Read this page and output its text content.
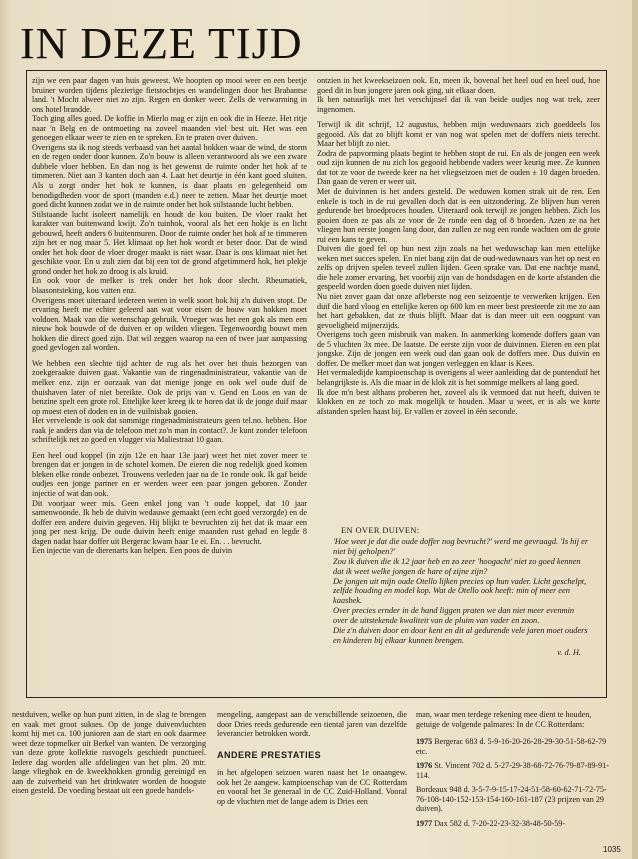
IN DEZE TIJD

zijn we een paar dagen van huis geweest. We hoopten op mooi weer en een beetje bruiner worden tijdens plezierige fietstochtjes en wandelingen door het Brabantse land. 't Mocht alweer niet zo zijn. Regen en donker weer. Zells de verwarming in ons hotel brandde.
Toch ging alles goed. De koffie in Mierlo mag er zijn en ook die in Heeze. Het ritje naar 'n Belg en de ontmoeting na zoveel maanden viel best uit. Het was een genoegen elkaar weer te zien en te spreken. En te praten over duiven.
Overigens sta ik nog steeds verbaasd van het aantal hokken waar de wind, de storm en de regen onder door kunnen. Zo'n bouw is alleen verantwoord als we een zware dubbele vloer hebben. En dan nog is het gewenst de ruimte onder het hok af te timmeren. Niet aan 3 kanten doch aan 4. Laat het deurtje in één kant goed sluiten. Als u zorgt onder het hok te kunnen, is daar plaats en gelegenheid om benodigdheden voor de sport (manden e.d.) neer te zetten. Maar het deurtje moet goed dicht kunnen zodat we in de ruimte onder het hok stilstaande lucht hebben.
Stilstaande lucht isoleert namelijk en houdt de kou buiten. De vloer raakt het karakter van buitenwand kwijt. Zo'n tuinhok, vooral als het een hokje is en licht gebouwd, heeft anders 6 buitenmuren. Door de ruimte onder het hok af te timmeren zijn het er nog maar 5. Het klimaat op het hok wordt er beter door. Dat de wind onder het hok door de vloer droger maakt is niet waar. Daar is ons klimaat niet het geschikte voor. En u zult zien dat bij een tot de grond afgetimmerd hok, het plekje grond onder het hok zo droog is als kruid.
En ook voor de melker is trek onder het hok door slecht. Rheumatiek, blaasontsteking, kou vatten enz.
Overigens moet uiteraard iedereen weten in welk soort hok hij z'n duiven stopt. De ervaring heeft me echter geleerd aan wat voor eisen de bouw van hokken moet voldoen. Maak van die wetenschap gebruik. Vroeger was het een gok als men een nieuw hok bouwde of de duiven er op wilden vliegen. Tegenwoordig bouwt men hokken die direct goed zijn. Dat wil zeggen waarop na een of twee jaar aanpassing goed gevlogen zal worden.

We hebben een slechte tijd achter de rug als het over het thuis bezorgen van zoekgeraakte duiven gaat. Vakantie van de ringenadministrateur, vakantie van de melker enz. zijn er oorzaak van dat menige jonge en ook wel oude duif de thuishaven later of niet bereikte. Ook de prijs van v. Gend en Loos en van de benzine spelt een grote rol. Ettelijke keer kreeg ik te horen dat ik de jonge duif maar op moest eten of doden en in de vuilnisbak gooien.
Het vervelende is ook dat sommige ringenadministrateurs geen tel.no. hebben. Hoe raak je anders dan via de telefoon met zo'n man in contact?. Je kunt zonder telefoon schriftelijk net zo goed en vlugger via Maliestraat 10 gaan.

Een heel oud koppel (in zijn 12e en haar 13e jaar) weet het niet zover meer te brengen dat er jongen in de schotel komen. De eieren die nog redelijk goed komen bleken elke ronde onbezet. Trouwens verleden jaar na de 1e ronde ook. Ik gaf beide oudjes een jonge partner en er werden weer een paar jongen geboren. Zonder injectie of wat dan ook.
Dit voorjaar weer mis. Geen enkel jong van 't oude koppel, dat 10 jaar samenwoonde. Ik heb de duivin wedauwe gemaakt (een echt goed verzorgde) en de doffer een andere duivin gegeven. Hij blijkt te bevruchten zij het dat ik maar een jong per nest krijg. De oude duivin heeft enige maanden rust gehad en legde 8 dagen nadat haar doffer uit Bergerac kwam haar 1e ei. En. . . bevrucht.
Een injectie van de dierenarts kan helpen. Een poos de duivin

ontzien in het kweekseizoen ook. En, meen ik, bovenal het heel oud en heel oud, hoe goed dit in hun jongere jaren ook ging, uit elkaar doen.
Ik ben natuurlijk met het verschijnsel dat ik van beide oudjes nog wat trek, zeer ingenomen.

Terwijl ik dit schrijf, 12 augustus, hebben mijn weduwnaars zich goeddeels los gegooid. Als dat zo blijft komt er van nog wat spelen met de doffers niets terecht. Maar het blijft zo niet.
Zodra de papvorming plaats begint te hebben stopt de rui. En als de jongen een week oud zijn kunnen de nu zich los gegooid hebbende vaders weer keurig mee. Ze kunnen dat tot ze voor de tweede keer na het vliegseizoen met de ouden ± 10 dagen broeden. Dan gaan de veren er weer uit.
Met de duivinnen is het anders gesteld. De weduwen komen strak uit de ren. Een enkele is toch in de rui gevallen doch dat is een uitzondering. Ze blijven hun veren gedurende het broedproces houden. Uiteraard ook terwijl ze jongen hebben. Zich los gooien doen ze pas als ze voor de 2e ronde een dag of 8 broeden. Azen ze na het vliegen hun eerste jongen lang door, dan zullen ze nog een ronde wachten om de grote rui een kans te geven.
Duiven die goed fel op hun nest zijn zoals na het weduwschap kan men ettelijke weken met succes spelen. En niet bang zijn dat de oud-weduwnaars van het op nest en zelfs op drijven spelen teveel zullen lijden. Geen sprake van. Dat ene nachtje mand, die hele zomer ervaring, het voorbij zijn van de hondsdagen en de korte afstanden die gespeeld worden doen goede duiven niet lijden.
Nu niet zover gaan dat onze afleberste nog een seizoentje te verwerken krijgen. Een duif die hard vloog en ettelijke keren op 600 km en meer best presteerde zit me zo aan het hart gebakken, dat ze thuis blijft. Maar dat is dan meer uit een oogpunt van gevoeligheid mijnerzijds.
Overigens toch geen misbruik van maken. In aanmerking komende doffers gaan van de 5 vluchten 3x mee. De laatste. De eerste zijn voor de duivinnen. Eieren en een plat jongske. Zijn de jongen een week oud dan gaan ook de doffers mee. Dus duivin en doffer. De melker moet dan wat jongen verleggen en klaar is Kees.
Het vermaledijde kampioenschap is overigens al weer aanleiding dat de puntenduif het belangrijkste is. Als die maar in de klok zit is het sommige melkers al lang goed.
Ik doe m'n best althans proberen het, zoveel als ik vermoed dat nut heeft, duiven te klokken en ze toch zo mak mogelijk te houden. Maar u weet, er is als we korte afstanden spelen haast bij. Er vallen er zoveel in één seconde.

EN OVER DUIVEN:

'Hoe weet je dat die oude doffer nog bevrucht?' werd me gevraagd. 'Is hij er niet bij geholpen?'

Zou ik duiven die ik 12 jaar heb en zo zeer 'hoogacht' niet zo goed kennen dat ik weet welke jongen de hare of zijne zijn?

De jongen uit mijn oude Otello lijken precies op hun vader. Licht geschelpt, zelfde houding en model kop. Wat de Otello ook heeft: min of meer een kaasbek.

Over precies ernder in de hand liggen praten we dan niet meer evenmin over de uitstekende kwaliteit van de pluim van vader en zoon.

Die z'n duiven door en door kent en dit al gedurende vele jaren moet ouders en kinderen bij elkaar kunnen brengen.

v. d. H.

nestduiven, welke op hun punt zitten, in de slag te brengen en vaak met groot sukses. Op de jonge duivenvluchten komt hij met ca. 100 junioren aan de start en ook daarmee weet deze topmelker uit Berkel van wanten. De verzorging van deze grote kollektie rasvogels geschiedt punctueel. Iedere dag worden alle afdelingen van het plm. 20 mtr. lange vlieghok en de kweekhokken grondig gereinigd en aan de zuiverheid van het drinkwater worden de hoogste eisen gesteld. De voeding bestaat uit een goede handels-

mengeling, aangepast aan de verschillende seizoenen, die door Dries reeds gedurende een tiental jaren van dezelfde leverancier betrokken wordt.

ANDERE PRESTATIES

in het afgelopen seizoen waren naast het 1e onaangew. ook het 2e aangew. kampioenschap van de CC Rotterdam en vooral het 3e generaal in de CC Zuid-Holland. Vooral op de vluchten met de lange adem is Dries een

man, waar men terdege rekening mee dient te houden, getuige de volgende palmares: In de CC Rotterdam:

1975 Bergerac 683 d. 5-9-16-20-26-28-29-30-51-58-62-79 etc.

1976 St. Vincent 702 d. 5-27-29-38-68-72-76-79-87-89-91-114.

Bordeaux 948 d. 3-5-7-9-15-17-24-51-58-60-62-71-72-75-76-108-140-152-153-154-160-161-187 (23 prijzen van 29 duiven).

1977 Dax 582 d. 7-20-22-23-32-38-48-50-59-

1035
